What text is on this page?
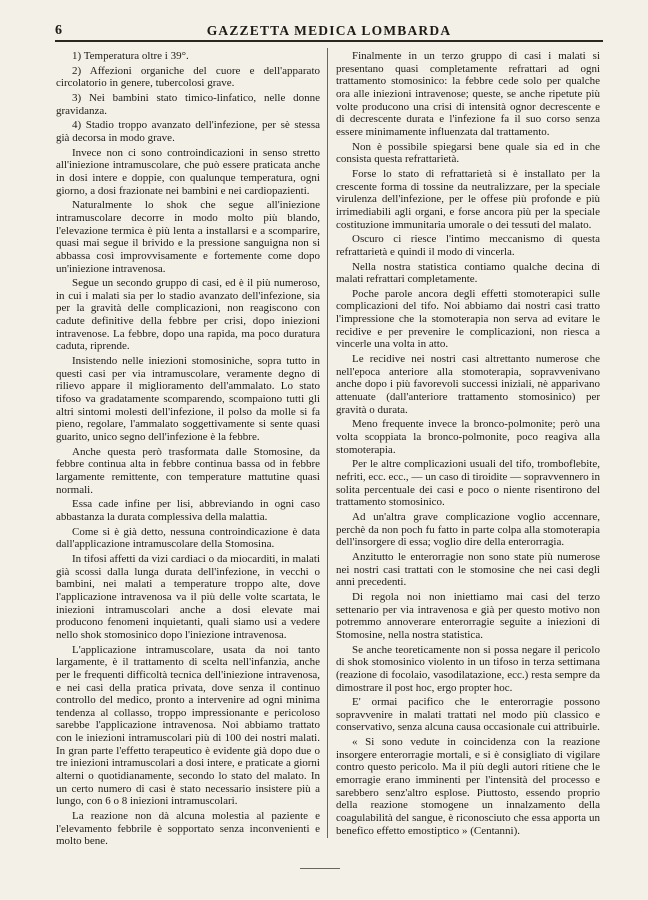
6	GAZZETTA MEDICA LOMBARDA

1) Temperatura oltre i 39°.

2) Affezioni organiche del cuore e dell'apparato circolatorio in genere, tubercolosi grave.

3) Nei bambini stato timico-linfatico, nelle donne gravidanza.

4) Stadio troppo avanzato dell'infezione, per sè stessa già decorsa in modo grave.

Invece non ci sono controindicazioni in senso stretto all'iniezione intramuscolare, che può essere praticata anche in dosi intere e doppie, con qualunque temperatura, ogni giorno, a dosi frazionate nei bambini e nei cardiopazienti.

Naturalmente lo shok che segue all'iniezione intramuscolare decorre in modo molto più blando, l'elevazione termica è più lenta a installarsi e a scomparire, quasi mai segue il brivido e la pressione sanguigna non si abbassa così improvvisamente e fortemente come dopo un'iniezione intravenosa.

Segue un secondo gruppo di casi, ed è il più numeroso, in cui i malati sia per lo stadio avanzato dell'infezione, sia per la gravità delle complicazioni, non reagiscono con cadute definitive della febbre per crisi, dopo iniezioni intravenose. La febbre, dopo una rapida, ma poco duratura caduta, riprende.

Insistendo nelle iniezioni stomosiniche, sopra tutto in questi casi per via intramuscolare, veramente degno di rilievo appare il miglioramento dell'ammalato. Lo stato tifoso va gradatamente scomparendo, scompaiono tutti gli altri sintomi molesti dell'infezione, il polso da molle si fa pieno, regolare, l'ammalato soggettivamente si sente quasi guarito, unico segno dell'infezione è la febbre.

Anche questa però trasformata dalle Stomosine, da febbre continua alta in febbre continua bassa od in febbre largamente remittente, con temperature mattutine quasi normali.

Essa cade infine per lisi, abbreviando in ogni caso abbastanza la durata complessiva della malattia.

Come si è già detto, nessuna controindicazione è data dall'applicazione intramuscolare della Stomosina.

In tifosi affetti da vizi cardiaci o da miocarditi, in malati già scossi dalla lunga durata dell'infezione, in vecchi o bambini, nei malati a temperature troppo alte, dove l'applicazione intravenosa va il più delle volte scartata, le iniezioni intramuscolari anche a dosi elevate mai producono fenomeni inquietanti, quali siamo usi a vedere nello shok stomosinico dopo l'iniezione intravenosa.

L'applicazione intramuscolare, usata da noi tanto largamente, è il trattamento di scelta nell'infanzia, anche per le frequenti difficoltà tecnica dell'iniezione intravenosa, e nei casi della pratica privata, dove senza il continuo controllo del medico, pronto a intervenire ad ogni minima tendenza al collasso, troppo impressionante e pericoloso sarebbe l'applicazione intravenosa. Noi abbiamo trattato con le iniezioni intramuscolari più di 100 dei nostri malati. In gran parte l'effetto terapeutico è evidente già dopo due o tre iniezioni intramuscolari a dosi intere, e praticate a giorni alterni o quotidianamente, secondo lo stato del malato. In un certo numero di casi è stato necessario insistere più a lungo, con 6 o 8 iniezioni intramuscolari.

La reazione non dà alcuna molestia al paziente e l'elevamento febbrile è sopportato senza inconvenienti e molto bene.

Finalmente in un terzo gruppo di casi i malati si presentano quasi completamente refrattari ad ogni trattamento stomosinico: la febbre cede solo per qualche ora alle iniezioni intravenose; queste, se anche ripetute più volte producono una crisi di intensità ognor decrescente e di decrescente durata e l'infezione fa il suo corso senza essere minimamente influenzata dal trattamento.

Non è possibile spiegarsi bene quale sia ed in che consista questa refrattarietà.

Forse lo stato di refrattarietà si è installato per la crescente forma di tossine da neutralizzare, per la speciale virulenza dell'infezione, per le offese più profonde e più irrimediabili agli organi, e forse ancora più per la speciale costituzione immunitaria umorale o dei tessuti del malato.

Oscuro ci riesce l'intimo meccanismo di questa refrattarietà e quindi il modo di vincerla.

Nella nostra statistica contiamo qualche decina di malati refrattari completamente.

Poche parole ancora degli effetti stomoterapici sulle complicazioni del tifo. Noi abbiamo dai nostri casi tratto l'impressione che la stomoterapia non serva ad evitare le recidive e per prevenire le complicazioni, non riesca a vincerle una volta in atto.

Le recidive nei nostri casi altrettanto numerose che nell'epoca anteriore alla stomoterapia, sopravvenivano anche dopo i più favorevoli successi iniziali, nè apparivano attenuate (dall'anteriore trattamento stomosinico) per gravità o durata.

Meno frequente invece la bronco-polmonite; però una volta scoppiata la bronco-polmonite, poco reagiva alla stomoterapia.

Per le altre complicazioni usuali del tifo, tromboflebite, nefriti, ecc. ecc., — un caso di tiroidite — sopravvennero in solita percentuale dei casi e poco o niente risentirono del trattamento stomosinico.

Ad un'altra grave complicazione voglio accennare, perchè da non poch fu fatto in parte colpa alla stomoterapia dell'insorgere di essa; voglio dire della enterorragia.

Anzitutto le enterorragie non sono state più numerose nei nostri casi trattati con le stomosine che nei casi degli anni precedenti.

Di regola noi non iniettiamo mai casi del terzo settenario per via intravenosa e già per questo motivo non potremmo annoverare enterorragie seguite a iniezioni di Stomosine, nella nostra statistica.

Se anche teoreticamente non si possa negare il pericolo di shok stomosinico violento in un tifoso in terza settimana (reazione di focolaio, vasodilatazione, ecc.) resta sempre da dimostrare il post hoc, ergo propter hoc.

E' ormai pacifico che le enterorragie possono sopravvenire in malati trattati nel modo più classico e conservativo, senza alcuna causa occasionale cui attribuirle.

« Si sono vedute in coincidenza con la reazione insorgere enterorragie mortali, e si è consigliato di vigilare contro questo pericolo. Ma il più degli autori ritiene che le emorragie erano imminenti per l'intensità del processo e sarebbero senz'altro esplose. Piuttosto, essendo proprio della reazione stomogene un innalzamento della coagulabilità del sangue, è riconosciuto che essa apporta un benefico effetto emostiptico » (Centanni).
